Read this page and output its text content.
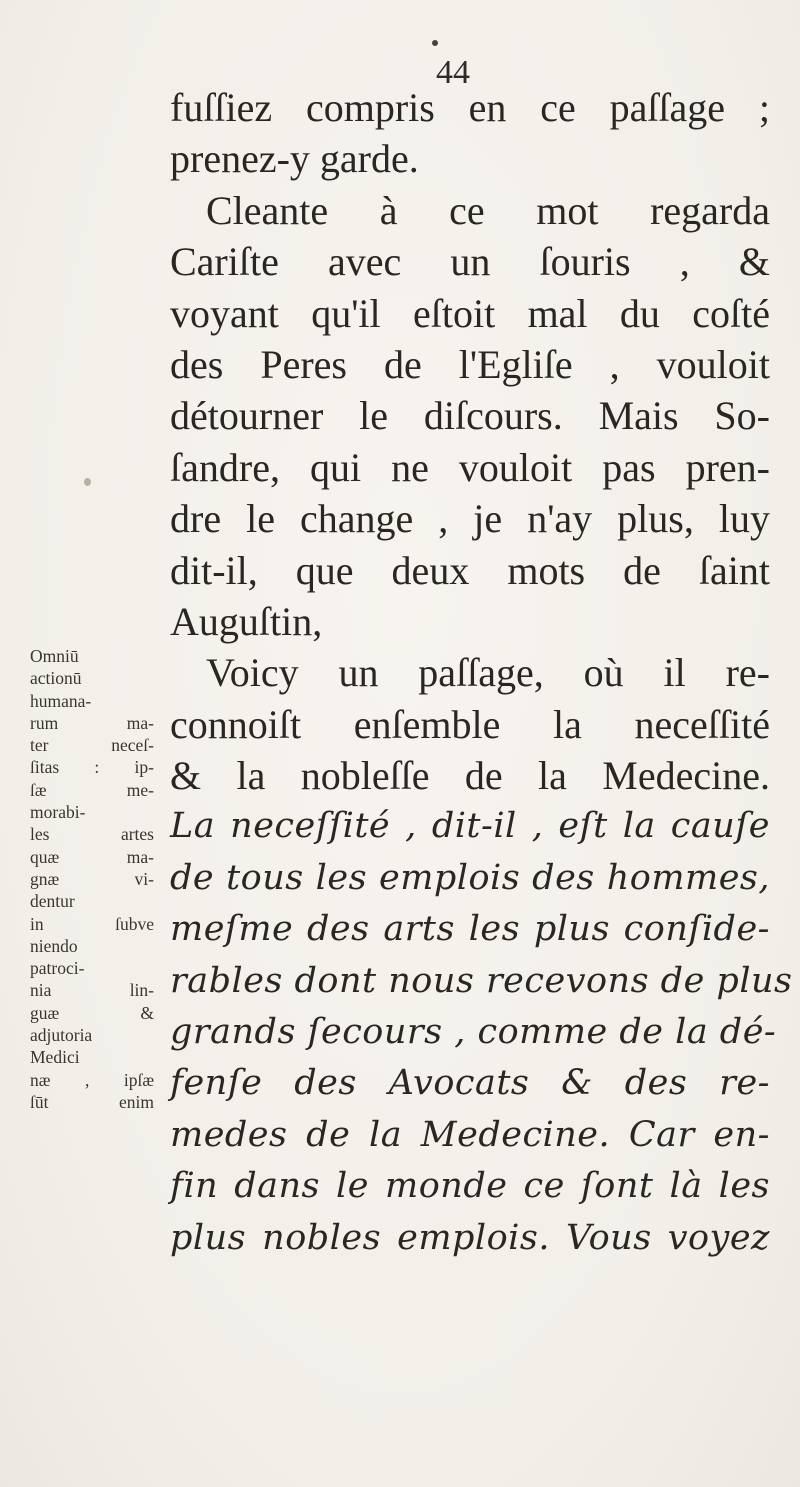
44
fuſſiez compris en ce paſſage ;
prenez-y garde.
Cleante à ce mot regarda
Cariſte avec un ſouris , &
voyant qu'il eſtoit mal du coſté
des Peres de l'Egliſe , vouloit
détourner le diſcours. Mais So-
ſandre, qui ne vouloit pas pren-
dre le change , je n'ay plus, luy
dit-il, que deux mots de ſaint
Auguſtin,
Voicy un paſſage, où il re-
connoiſt enſemble la neceſſité
& la nobleſſe de la Medecine.
La neceſſité , dit-il , eſt la cauſe
de tous les emplois des hommes,
meſme des arts les plus conſide-
rables dont nous recevons de plus
grands ſecours , comme de la dé-
fenſe des Avocats & des re-
medes de la Medecine. Car en-
fin dans le monde ce ſont là les
plus nobles emplois. Vous voyez
Omniū
actionū
humana-
rum ma-
ter neceſ-
ſitas : ip-
ſæ me-
morabi-
les artes
quæ ma-
gnæ vi-
dentur
in ſubve
niendo
patroci-
nia lin-
guæ &
adjutoria
Medici
næ , ipſæ
ſūt enim
